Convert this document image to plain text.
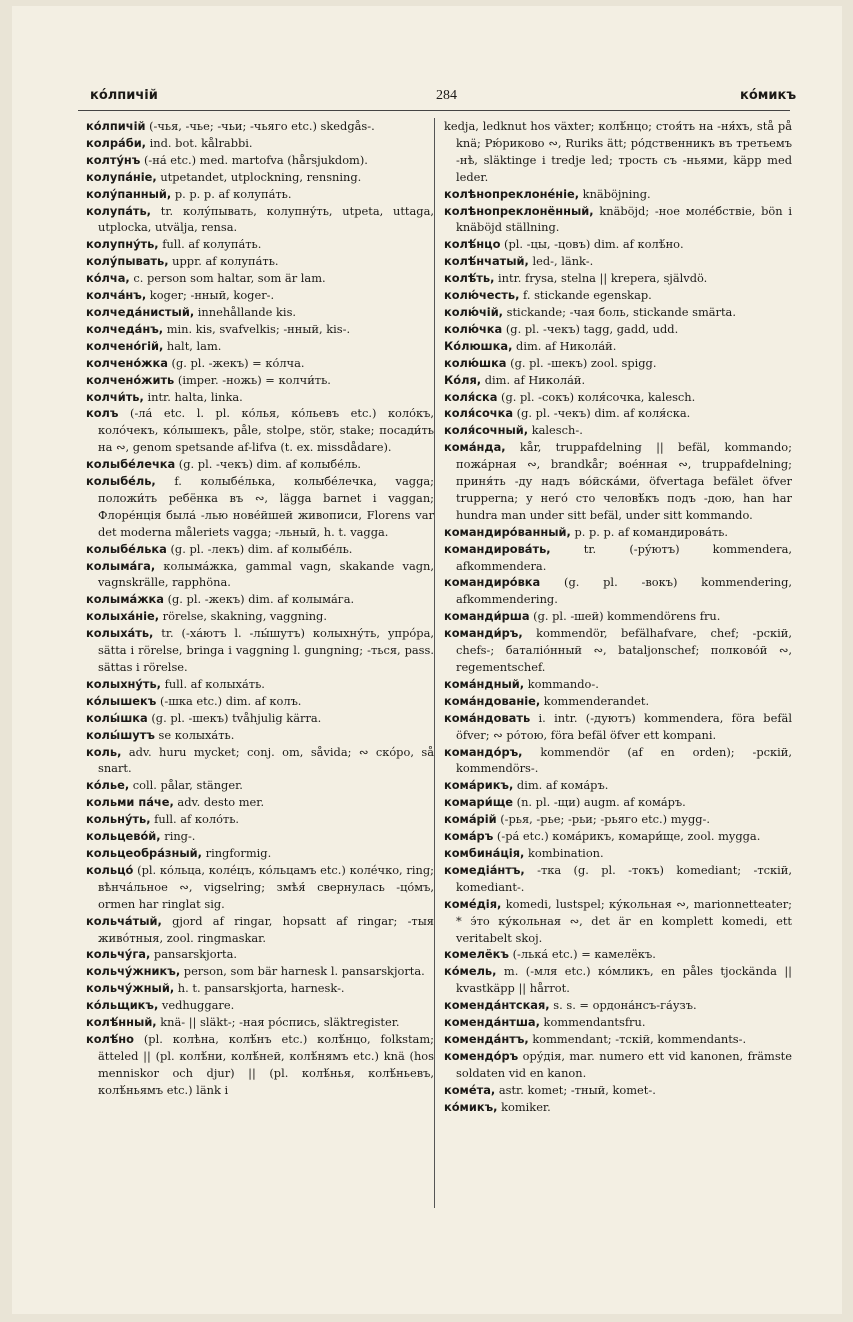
ко́лпичій	284	ко́микъ

ко́лпичій (-чья, -чье; -чьи; -чьяго etc.) skedgås-.

колра́би, ind. bot. kålrabbi.

колту́нъ (-на́ etc.) med. martofva (hårsjukdom).

колупа́ніе, utpetandet, utplockning, rensning.

колу́панный, p. p. p. af колупа́ть.

колупа́ть, tr. колу́пывать, колупну́ть, utpeta, uttaga, utplocka, utvälja, rensa.

колупну́ть, full. af колупа́ть.

колу́пывать, uppr. af колупа́ть.

ко́лча, c. person som haltar, som är lam.

колча́нъ, koger; -нный, koger-.

колчеда́нистый, innehållande kis.

колчеда́нъ, min. kis, svafvelkis; -нный, kis-.

колчено́гій, halt, lam.

колчено́жка (g. pl. -жекъ) = ко́лча.

колчено́жить (imper. -ножь) = колчи́ть.

колчи́ть, intr. halta, linka.

колъ (-ла́ etc. l. pl. ко́лья, ко́льевъ etc.) коло́къ, колóчекъ, ко́лышекъ, påle, stolpe, stör, stake; посади́ть на ∾, genom spetsande af-lifva (t. ex. missdådare).

колыбе́лечка (g. pl. -чекъ) dim. af колыбе́ль.

колыбе́ль, f. колыбе́лька, колыбе́лечка, vagga; положи́ть ребёнка въ ∾, lägga barnet i vaggan; Флоре́нція была́ -лью нове́йшей живописи, Florens var det moderna måleriets vagga; -льный, h. t. vagga.

колыбе́лька (g. pl. -лекъ) dim. af колыбе́ль.

колыма́га, колыма́жка, gammal vagn, skakande vagn, vagnskrälle, rapphöna.

колыма́жка (g. pl. -жекъ) dim. af колыма́га.

колыха́ніе, rörelse, skakning, vaggning.

колыха́ть, tr. (-ха́ютъ l. -лы́шутъ) колыхну́ть, упрóра, sätta i rörelse, bringa i vaggning l. gungning; -ться, pass. sättas i rörelse.

колыхну́ть, full. af колыха́ть.

ко́лышекъ (-шка etc.) dim. af колъ.

колы́шка (g. pl. -шекъ) tvåhjulig kärra.

колы́шутъ se колыха́ть.

коль, adv. huru mycket; conj. om, såvida; ∾ скóро, så snart.

ко́лье, coll. pålar, stänger.

кольми па́че, adv. desto mer.

кольну́ть, full. af коло́ть.

кольцево́й, ring-.

кольцеобра́зный, ringformig.

кольцо́ (pl. ко́льца, колéцъ, ко́льцамъ etc.) колéчко, ring; вѣнча́льное ∾, vigselring; змѣя́ свернулась -цо́мъ, ormen har ringlat sig.

кольча́тый, gjord af ringar, hopsatt af ringar; -тыя живóтныя, zool. ringmaskar.

кольчу́га, pansarskjorta.

кольчу́жникъ, person, som bär harnesk l. pansarskjorta.

кольчу́жный, h. t. pansarskjorta, harnesk-.

ко́льщикъ, vedhuggare.

колѣ́нный, knä- || släkt-; -ная ро́спись, släktregister.

колѣ́но (pl. колѣна, колѣ́нъ etc.) колѣ́нцо, folkstam; ätteled || (pl. колѣ́ни, колѣ́ней, колѣ́нямъ etc.) knä (hos menniskor och djur) || (pl. колѣ́нья, колѣ́ньевъ, колѣ́ньямъ etc.) länk i

kedja, ledknut hos växter; колѣ́нцо; стоя́ть на -ня́хъ, stå på knä; Рю́риково ∾, Ruriks ätt; ро́дственникъ въ третьемъ -нѣ, släktinge i tredje led; трость съ -ньями, käpp med leder.

колѣнопреклонéніе, knäböjning.

колѣнопреклонённый, knäböjd; -ное молéбствіе, bön i knäböjd ställning.

колѣ́нцо (pl. -цы, -цовъ) dim. af колѣ́но.

колѣ́нчатый, led-, länk-.

колѣ́ть, intr. frysa, stelna || krepera, självdö.

колю́честь, f. stickande egenskap.

колю́чій, stickande; -чая боль, stickande smärta.

колю́чка (g. pl. -чекъ) tagg, gadd, udd.

Ко́люшка, dim. af Никола́й.

колю́шка (g. pl. -шекъ) zool. spigg.

Ко́ля, dim. af Никола́й.

коля́ска (g. pl. -сокъ) коля́сочка, kalesch.

коля́сочка (g. pl. -чекъ) dim. af коля́ска.

коля́сочный, kalesch-.

кома́нда, kår, truppafdelning || befäl, kommando; пожа́рная ∾, brandkår; вое́нная ∾, truppafdelning; приня́ть -ду надъ вóйскáми, öfvertaga befälet öfver trupperna; у негó сто человѣ́къ подъ -дою, han har hundra man under sitt befäl, under sitt kommando.

командиро́ванный, p. p. p. af командирова́ть.

командирова́ть, tr. (-ру́ютъ) kommendera, afkommendera.

командиро́вка (g. pl. -вокъ) kommendering, afkommendering.

команди́рша (g. pl. -шей) kommendörens fru.

команди́ръ, kommendör, befälhafvare, chef; -рскій, chefs-; баталіо́нный ∾, bataljonschef; полково́й ∾, regementschef.

кома́ндный, kommando-.

кома́ндованіе, kommenderandet.

кома́ндовать i. intr. (-дуютъ) kommendera, föra befäl öfver; ∾ ро́тою, föra befäl öfver ett kompani.

командо́ръ, kommendör (af en orden); -рскій, kommendörs-.

кома́рикъ, dim. af кома́ръ.

комари́ще (n. pl. -щи) augm. af кома́ръ.

кома́рій (-рья, -рье; -рьи; -рьяго etc.) mygg-.

кома́ръ (-ра́ etc.) кома́рикъ, комари́ще, zool. mygga.

комбина́ція, kombination.

комедіа́нтъ, -тка (g. pl. -токъ) komediant; -тскій, komediant-.

комéдія, komedi, lustspel; ку́кольная ∾, marionnetteater; * э́то ку́кольная ∾, det är en komplett komedi, ett veritabelt skoj.

комелёкъ (-лька́ etc.) = камелёкъ.

ко́мель, m. (-мля etc.) ко́мликъ, en påles tjockända || kvastkäpp || hårrot.

коменда́нтская, s. s. = ордона́нсъ-га́узъ.

коменда́нтша, kommendantsfru.

коменда́нтъ, kommendant; -тскій, kommendants-.

комендо́ръ ору́дія, mar. numero ett vid kanonen, främste soldaten vid en kanon.

комéта, astr. komet; -тный, komet-.

ко́микъ, komiker.
